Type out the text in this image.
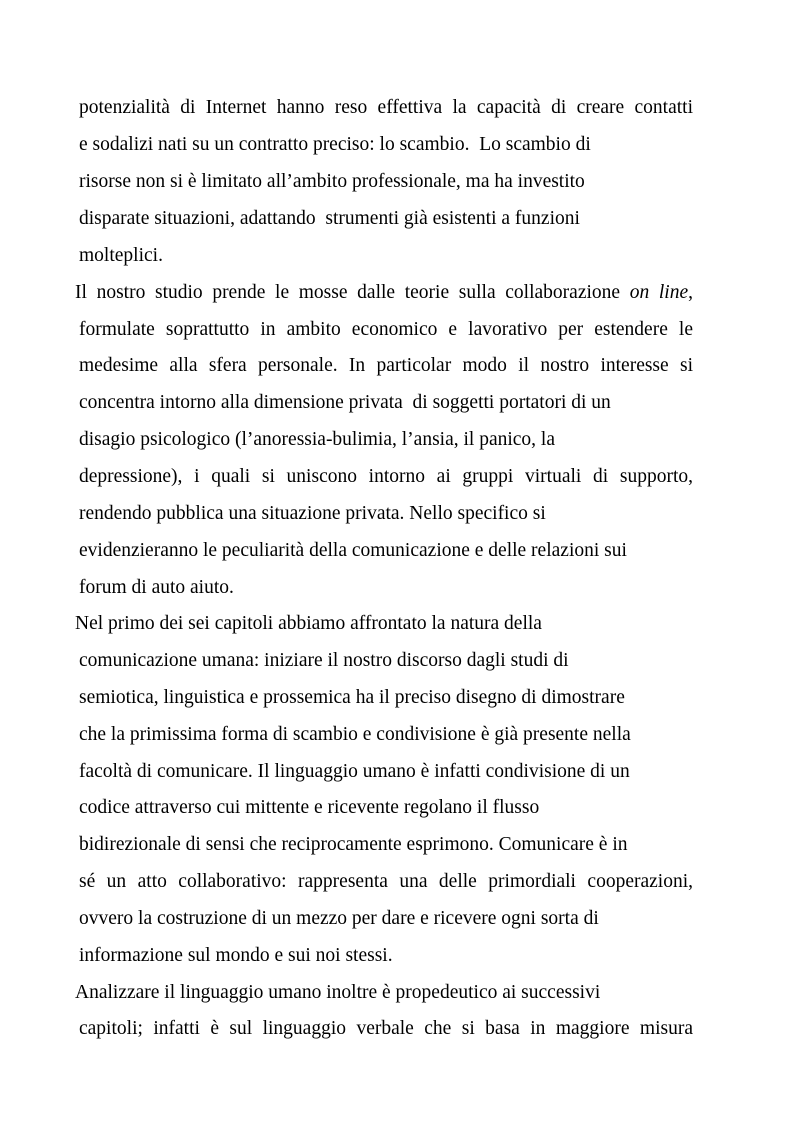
potenzialità di Internet hanno reso effettiva la capacità di creare contatti

e sodalizi nati su un contratto preciso: lo scambio.  Lo scambio di

risorse non si è limitato all’ambito professionale, ma ha investito

disparate situazioni, adattando  strumenti già esistenti a funzioni

molteplici.

Il nostro studio prende le mosse dalle teorie sulla collaborazione on line,

formulate soprattutto in ambito economico e lavorativo per estendere le

medesime alla sfera personale. In particolar modo il nostro interesse si

concentra intorno alla dimensione privata  di soggetti portatori di un

disagio psicologico (l’anoressia-bulimia, l’ansia, il panico, la

depressione), i quali si uniscono intorno ai gruppi virtuali di supporto,

rendendo pubblica una situazione privata. Nello specifico si

evidenzieranno le peculiarità della comunicazione e delle relazioni sui

forum di auto aiuto.

Nel primo dei sei capitoli abbiamo affrontato la natura della

comunicazione umana: iniziare il nostro discorso dagli studi di

semiotica, linguistica e prossemica ha il preciso disegno di dimostrare

che la primissima forma di scambio e condivisione è già presente nella

facoltà di comunicare. Il linguaggio umano è infatti condivisione di un

codice attraverso cui mittente e ricevente regolano il flusso

bidirezionale di sensi che reciprocamente esprimono. Comunicare è in

sé un atto collaborativo: rappresenta una delle primordiali cooperazioni,

ovvero la costruzione di un mezzo per dare e ricevere ogni sorta di

informazione sul mondo e sui noi stessi.

Analizzare il linguaggio umano inoltre è propedeutico ai successivi

capitoli; infatti è sul linguaggio verbale che si basa in maggiore misura
